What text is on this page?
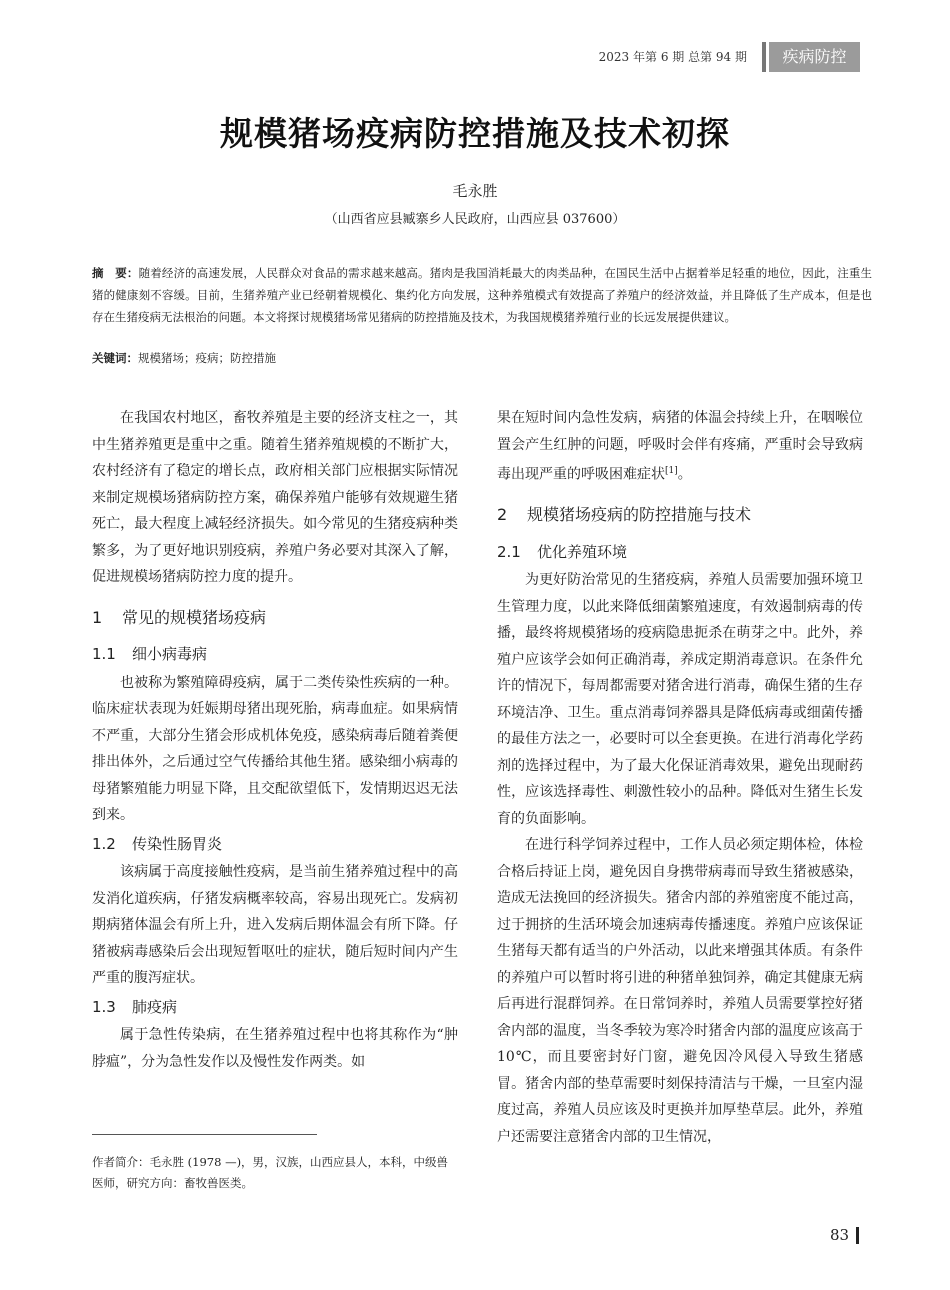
2023 年第 6 期 总第 94 期	疾病防控
规模猪场疫病防控措施及技术初探
毛永胜
（山西省应县臧寨乡人民政府，山西应县 037600）
摘　要：随着经济的高速发展，人民群众对食品的需求越来越高。猪肉是我国消耗最大的肉类品种，在国民生活中占据着举足轻重的地位，因此，注重生猪的健康刻不容缓。目前，生猪养殖产业已经朝着规模化、集约化方向发展，这种养殖模式有效提高了养殖户的经济效益，并且降低了生产成本，但是也存在生猪疫病无法根治的问题。本文将探讨规模猪场常见猪病的防控措施及技术，为我国规模猪养殖行业的长远发展提供建议。
关键词：规模猪场；疫病；防控措施

在我国农村地区，畜牧养殖是主要的经济支柱之一，其中生猪养殖更是重中之重。随着生猪养殖规模的不断扩大，农村经济有了稳定的增长点，政府相关部门应根据实际情况来制定规模场猪病防控方案，确保养殖户能够有效规避生猪死亡，最大程度上减轻经济损失。如今常见的生猪疫病种类繁多，为了更好地识别疫病，养殖户务必要对其深入了解，促进规模场猪病防控力度的提升。

1 常见的规模猪场疫病
1.1 细小病毒病

也被称为繁殖障碍疫病，属于二类传染性疾病的一种。临床症状表现为妊娠期母猪出现死胎，病毒血症。如果病情不严重，大部分生猪会形成机体免疫，感染病毒后随着粪便排出体外，之后通过空气传播给其他生猪。感染细小病毒的母猪繁殖能力明显下降，且交配欲望低下，发情期迟迟无法到来。

1.2 传染性肠胃炎

该病属于高度接触性疫病，是当前生猪养殖过程中的高发消化道疾病，仔猪发病概率较高，容易出现死亡。发病初期病猪体温会有所上升，进入发病后期体温会有所下降。仔猪被病毒感染后会出现短暂呕吐的症状，随后短时间内产生严重的腹泻症状。

1.3 肺疫病

属于急性传染病，在生猪养殖过程中也将其称作为“肿脖瘟”，分为急性发作以及慢性发作两类。如

作者简介：毛永胜 (1978 —)，男，汉族，山西应县人，本科，中级兽医师，研究方向：畜牧兽医类。

果在短时间内急性发病，病猪的体温会持续上升，在咽喉位置会产生红肿的问题，呼吸时会伴有疼痛，严重时会导致病毒出现严重的呼吸困难症状[1]。

2 规模猪场疫病的防控措施与技术
2.1 优化养殖环境

为更好防治常见的生猪疫病，养殖人员需要加强环境卫生管理力度，以此来降低细菌繁殖速度，有效遏制病毒的传播，最终将规模猪场的疫病隐患扼杀在萌芽之中。此外，养殖户应该学会如何正确消毒，养成定期消毒意识。在条件允许的情况下，每周都需要对猪舍进行消毒，确保生猪的生存环境洁净、卫生。重点消毒饲养器具是降低病毒或细菌传播的最佳方法之一，必要时可以全套更换。在进行消毒化学药剂的选择过程中，为了最大化保证消毒效果，避免出现耐药性，应该选择毒性、刺激性较小的品种。降低对生猪生长发育的负面影响。

在进行科学饲养过程中，工作人员必须定期体检，体检合格后持证上岗，避免因自身携带病毒而导致生猪被感染，造成无法挽回的经济损失。猪舍内部的养殖密度不能过高，过于拥挤的生活环境会加速病毒传播速度。养殖户应该保证生猪每天都有适当的户外活动，以此来增强其体质。有条件的养殖户可以暂时将引进的种猪单独饲养，确定其健康无病后再进行混群饲养。在日常饲养时，养殖人员需要掌控好猪舍内部的温度，当冬季较为寒冷时猪舍内部的温度应该高于10℃，而且要密封好门窗，避免因冷风侵入导致生猪感冒。猪舍内部的垫草需要时刻保持清洁与干燥，一旦室内湿度过高，养殖人员应该及时更换并加厚垫草层。此外，养殖户还需要注意猪舍内部的卫生情况，

83
